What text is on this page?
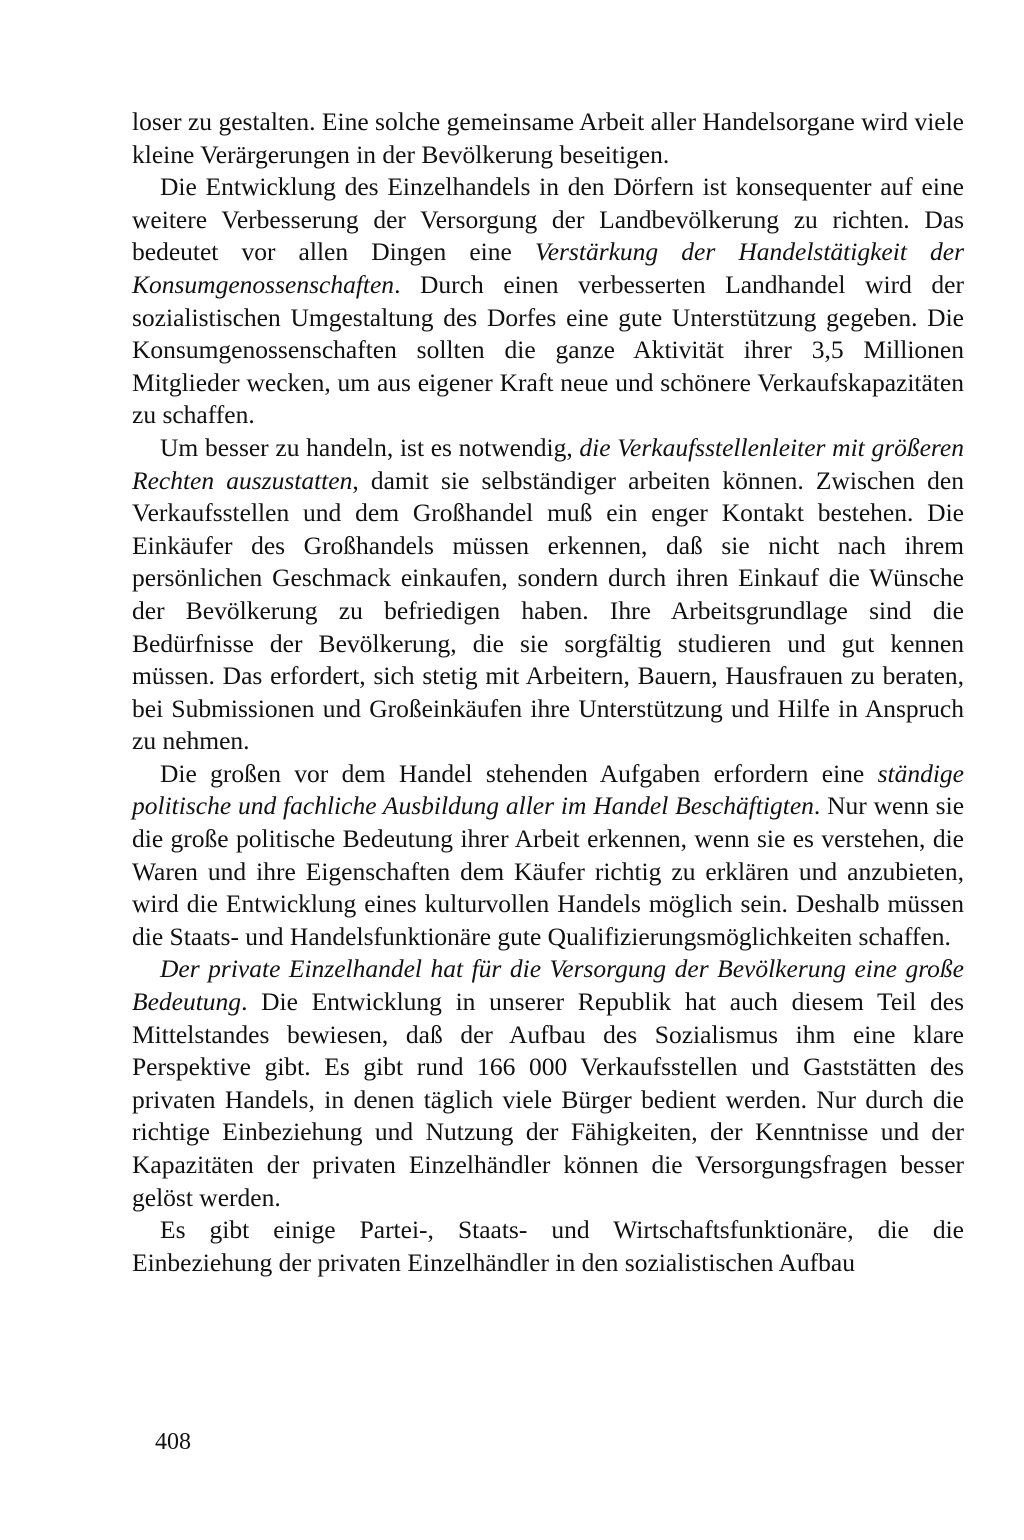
loser zu gestalten. Eine solche gemeinsame Arbeit aller Handelsorgane wird viele kleine Verärgerungen in der Bevölkerung beseitigen.

Die Entwicklung des Einzelhandels in den Dörfern ist konsequenter auf eine weitere Verbesserung der Versorgung der Landbevölkerung zu richten. Das bedeutet vor allen Dingen eine Verstärkung der Handelstätigkeit der Konsumgenossenschaften. Durch einen verbesserten Landhandel wird der sozialistischen Umgestaltung des Dorfes eine gute Unterstützung gegeben. Die Konsumgenossenschaften sollten die ganze Aktivität ihrer 3,5 Millionen Mitglieder wecken, um aus eigener Kraft neue und schönere Verkaufskapazitäten zu schaffen.

Um besser zu handeln, ist es notwendig, die Verkaufsstellenleiter mit größeren Rechten auszustatten, damit sie selbständiger arbeiten können. Zwischen den Verkaufsstellen und dem Großhandel muß ein enger Kontakt bestehen. Die Einkäufer des Großhandels müssen erkennen, daß sie nicht nach ihrem persönlichen Geschmack einkaufen, sondern durch ihren Einkauf die Wünsche der Bevölkerung zu befriedigen haben. Ihre Arbeitsgrundlage sind die Bedürfnisse der Bevölkerung, die sie sorgfältig studieren und gut kennen müssen. Das erfordert, sich stetig mit Arbeitern, Bauern, Hausfrauen zu beraten, bei Submissionen und Großeinkäufen ihre Unterstützung und Hilfe in Anspruch zu nehmen.

Die großen vor dem Handel stehenden Aufgaben erfordern eine ständige politische und fachliche Ausbildung aller im Handel Beschäftigten. Nur wenn sie die große politische Bedeutung ihrer Arbeit erkennen, wenn sie es verstehen, die Waren und ihre Eigenschaften dem Käufer richtig zu erklären und anzubieten, wird die Entwicklung eines kulturvollen Handels möglich sein. Deshalb müssen die Staats- und Handelsfunktionäre gute Qualifizierungsmöglichkeiten schaffen.

Der private Einzelhandel hat für die Versorgung der Bevölkerung eine große Bedeutung. Die Entwicklung in unserer Republik hat auch diesem Teil des Mittelstandes bewiesen, daß der Aufbau des Sozialismus ihm eine klare Perspektive gibt. Es gibt rund 166 000 Verkaufsstellen und Gaststätten des privaten Handels, in denen täglich viele Bürger bedient werden. Nur durch die richtige Einbeziehung und Nutzung der Fähigkeiten, der Kenntnisse und der Kapazitäten der privaten Einzelhändler können die Versorgungsfragen besser gelöst werden.

Es gibt einige Partei-, Staats- und Wirtschaftsfunktionäre, die die Einbeziehung der privaten Einzelhändler in den sozialistischen Aufbau

408
